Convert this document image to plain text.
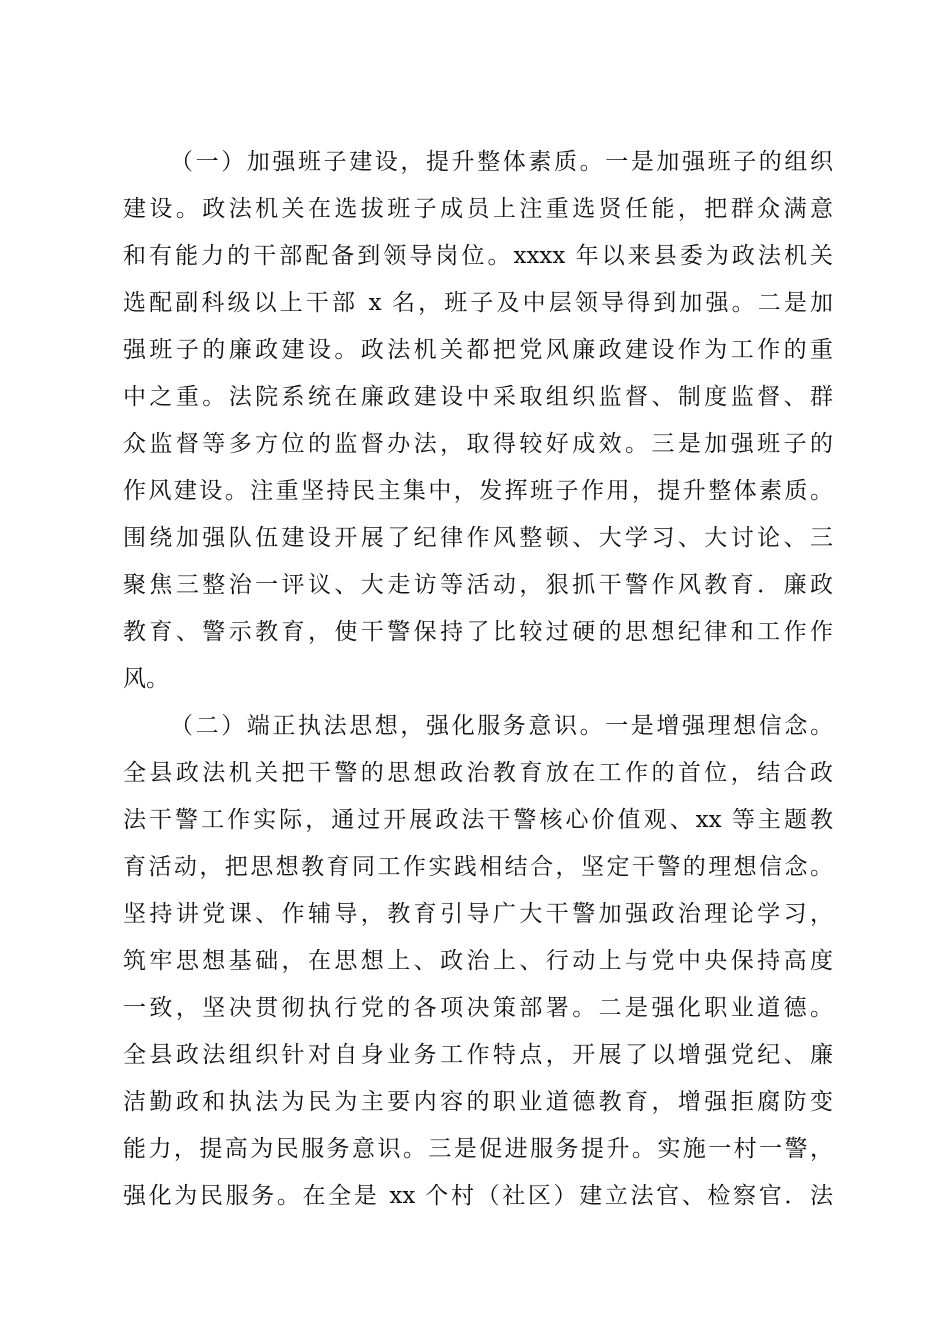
（一）加强班子建设，提升整体素质。一是加强班子的组织
建设。政法机关在选拔班子成员上注重选贤任能，把群众满意
和有能力的干部配备到领导岗位。xxxx 年以来县委为政法机关
选配副科级以上干部 x 名，班子及中层领导得到加强。二是加
强班子的廉政建设。政法机关都把党风廉政建设作为工作的重
中之重。法院系统在廉政建设中采取组织监督、制度监督、群
众监督等多方位的监督办法，取得较好成效。三是加强班子的
作风建设。注重坚持民主集中，发挥班子作用，提升整体素质。
围绕加强队伍建设开展了纪律作风整顿、大学习、大讨论、三
聚焦三整治一评议、大走访等活动，狠抓干警作风教育．廉政
教育、警示教育，使干警保持了比较过硬的思想纪律和工作作
风。
（二）端正执法思想，强化服务意识。一是增强理想信念。
全县政法机关把干警的思想政治教育放在工作的首位，结合政
法干警工作实际，通过开展政法干警核心价值观、xx 等主题教
育活动，把思想教育同工作实践相结合，坚定干警的理想信念。
坚持讲党课、作辅导，教育引导广大干警加强政治理论学习，
筑牢思想基础，在思想上、政治上、行动上与党中央保持高度
一致，坚决贯彻执行党的各项决策部署。二是强化职业道德。
全县政法组织针对自身业务工作特点，开展了以增强党纪、廉
洁勤政和执法为民为主要内容的职业道德教育，增强拒腐防变
能力，提高为民服务意识。三是促进服务提升。实施一村一警，
强化为民服务。在全是 xx 个村（社区）建立法官、检察官．法
